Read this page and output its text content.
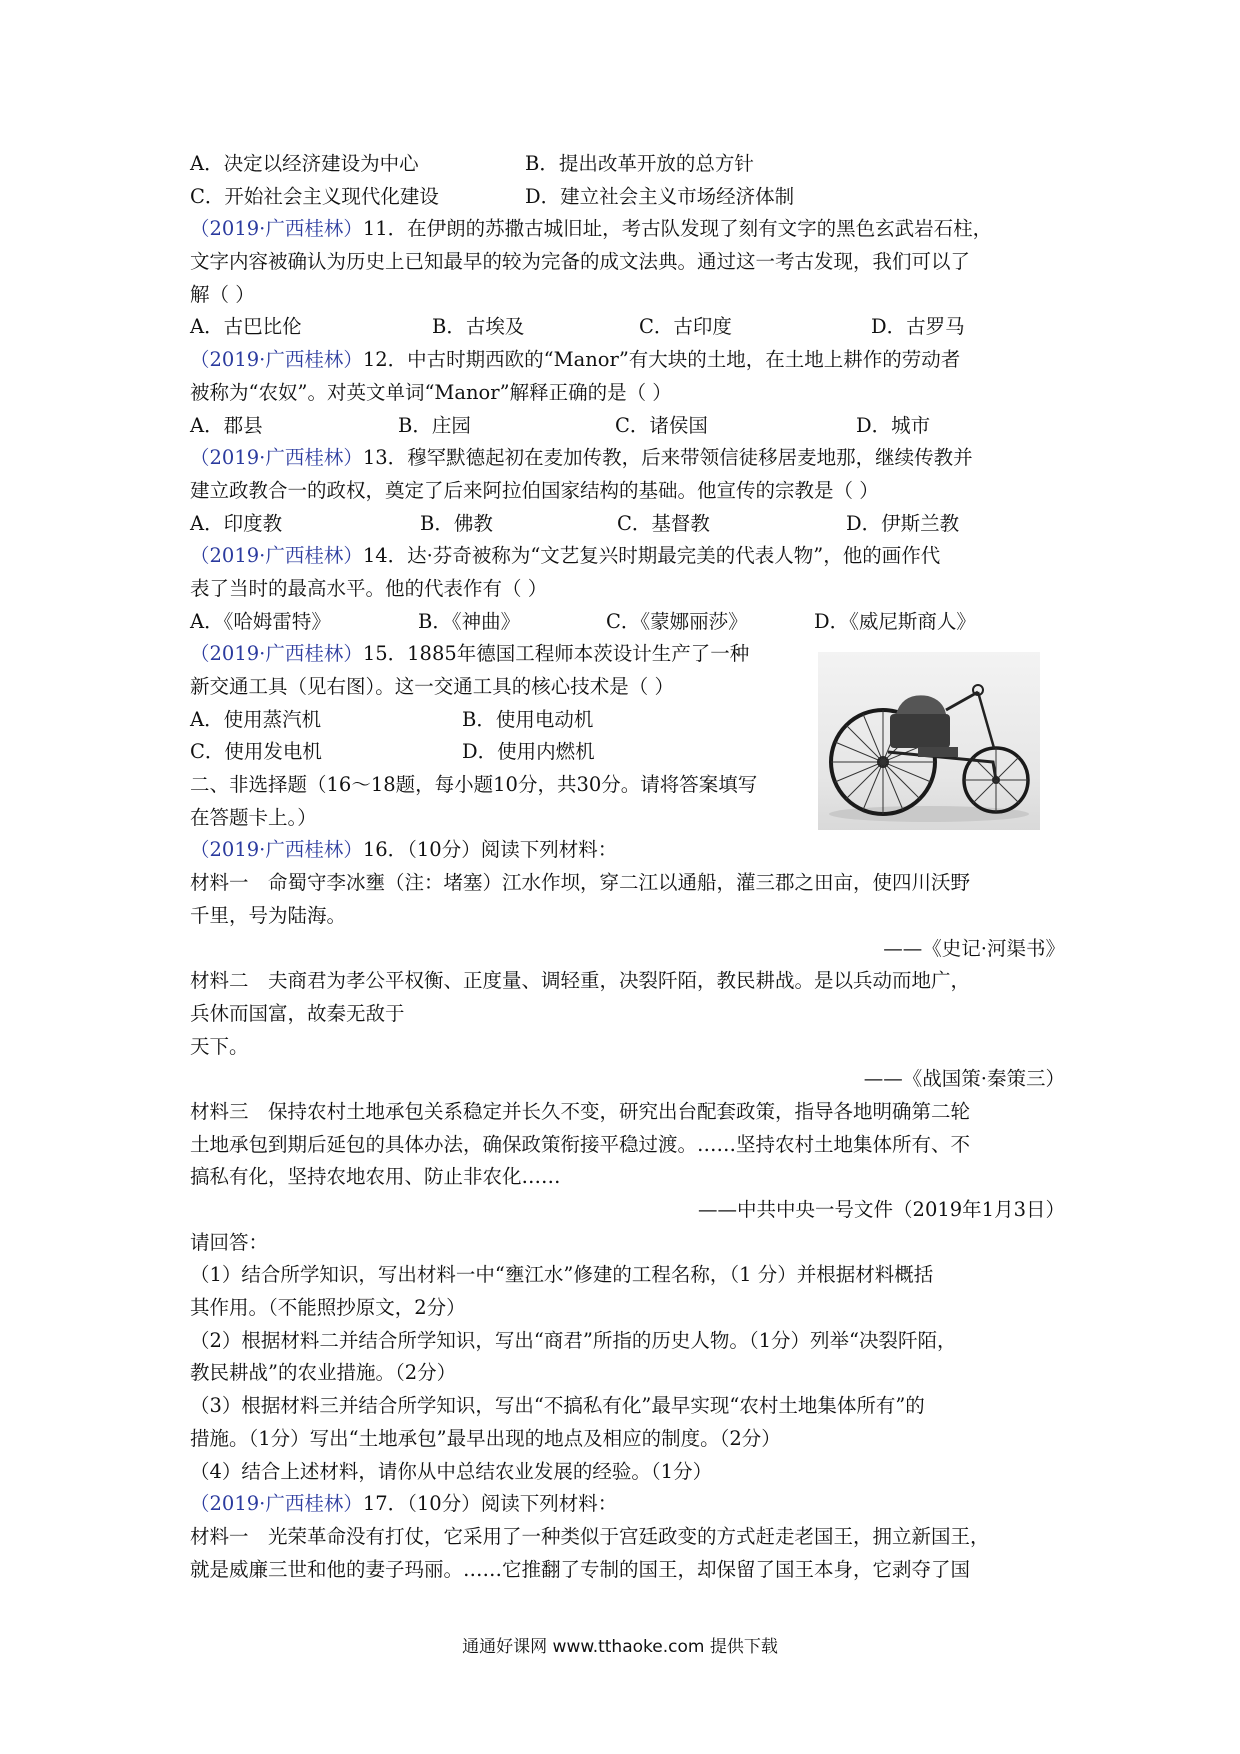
A．决定以经济建设为中心	B．提出改革开放的总方针
C．开始社会主义现代化建设	D．建立社会主义市场经济体制
（2019·广西桂林）11．在伊朗的苏撒古城旧址，考古队发现了刻有文字的黑色玄武岩石柱，
文字内容被确认为历史上已知最早的较为完备的成文法典。通过这一考古发现，我们可以了
解（ ）
A．古巴比伦	B．古埃及	C．古印度	D．古罗马
（2019·广西桂林）12．中古时期西欧的“Manor”有大块的土地，在土地上耕作的劳动者
被称为“农奴”。对英文单词“Manor”解释正确的是（ ）
A．郡县	B．庄园	C．诸侯国	D．城市
（2019·广西桂林）13．穆罕默德起初在麦加传教，后来带领信徒移居麦地那，继续传教并
建立政教合一的政权，奠定了后来阿拉伯国家结构的基础。他宣传的宗教是（ ）
A．印度教	B．佛教	C．基督教	D．伊斯兰教
（2019·广西桂林）14．达·芬奇被称为“文艺复兴时期最完美的代表人物”，他的画作代
表了当时的最高水平。他的代表作有（ ）
A．《哈姆雷特》	B．《神曲》	C．《蒙娜丽莎》	D．《威尼斯商人》
（2019·广西桂林）15．1885年德国工程师本茨设计生产了一种
新交通工具（见右图）。这一交通工具的核心技术是（ ）
A．使用蒸汽机	B．使用电动机
C．使用发电机	D．使用内燃机
二、非选择题（16～18题，每小题10分，共30分。请将答案填写
在答题卡上。）
（2019·广西桂林）16．（10分）阅读下列材料：
材料一　命蜀守李冰壅（注：堵塞）江水作坝，穿二江以通船，灌三郡之田亩，使四川沃野
千里，号为陆海。
——《史记·河渠书》
材料二　夫商君为孝公平权衡、正度量、调轻重，决裂阡陌，教民耕战。是以兵动而地广，
兵休而国富，故秦无敌于
天下。
——《战国策·秦策三）
材料三　保持农村土地承包关系稳定并长久不变，研究出台配套政策，指导各地明确第二轮
土地承包到期后延包的具体办法，确保政策衔接平稳过渡。……坚持农村土地集体所有、不
搞私有化，坚持农地农用、防止非农化……
——中共中央一号文件（2019年1月3日）
请回答：
（1）结合所学知识，写出材料一中“壅江水”修建的工程名称，（1 分）并根据材料概括
其作用。（不能照抄原文，2分）
（2）根据材料二并结合所学知识，写出“商君”所指的历史人物。（1分）列举“决裂阡陌，
教民耕战”的农业措施。（2分）
（3）根据材料三并结合所学知识，写出“不搞私有化”最早实现“农村土地集体所有”的
措施。（1分）写出“土地承包”最早出现的地点及相应的制度。（2分）
（4）结合上述材料，请你从中总结农业发展的经验。（1分）
（2019·广西桂林）17．（10分）阅读下列材料：
材料一　光荣革命没有打仗，它采用了一种类似于宫廷政变的方式赶走老国王，拥立新国王，
就是威廉三世和他的妻子玛丽。……它推翻了专制的国王，却保留了国王本身，它剥夺了国
通通好课网 www.tthaoke.com 提供下载
